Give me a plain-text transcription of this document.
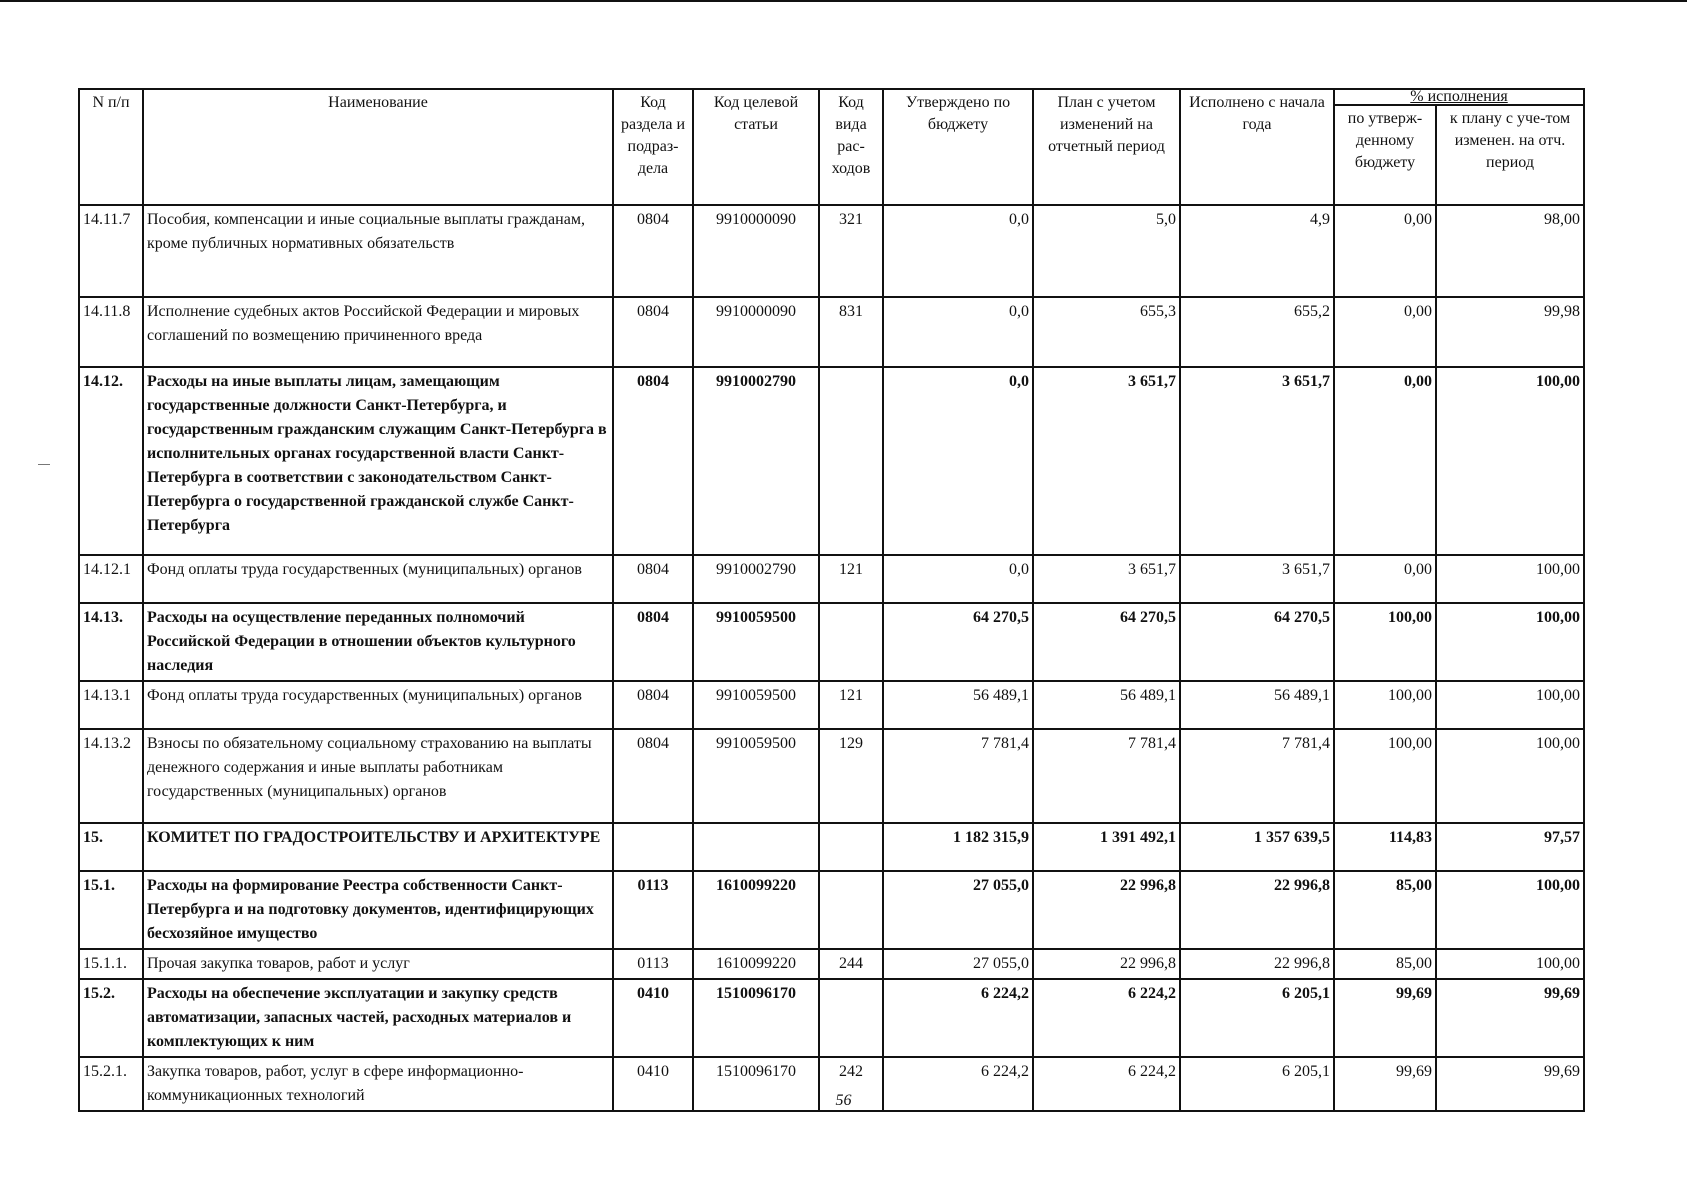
N п/п	Наименование	Код раздела и подраз-дела	Код целевой статьи	Код вида рас-ходов	Утверждено по бюджету	План с учетом изменений на отчетный период	Исполнено с начала года	% исполнения	
								по утверж-денному бюджету	к плану с уче-том изменен. на отч. период
14.11.7	Пособия, компенсации и иные социальные выплаты гражданам, кроме публичных нормативных обязательств	0804	9910000090	321	0,0	5,0	4,9	0,00	98,00
14.11.8	Исполнение судебных актов Российской Федерации и мировых соглашений по возмещению причиненного вреда	0804	9910000090	831	0,0	655,3	655,2	0,00	99,98
14.12.	Расходы на иные выплаты лицам, замещающим государственные должности Санкт-Петербурга, и государственным гражданским служащим Санкт-Петербурга в исполнительных органах государственной власти Санкт-Петербурга в соответствии с законодательством Санкт-Петербурга о государственной гражданской службе Санкт-Петербурга	0804	9910002790		0,0	3 651,7	3 651,7	0,00	100,00
14.12.1	Фонд оплаты труда государственных (муниципальных) органов	0804	9910002790	121	0,0	3 651,7	3 651,7	0,00	100,00
14.13.	Расходы на осуществление переданных полномочий Российской Федерации в отношении объектов культурного наследия	0804	9910059500		64 270,5	64 270,5	64 270,5	100,00	100,00
14.13.1	Фонд оплаты труда государственных (муниципальных) органов	0804	9910059500	121	56 489,1	56 489,1	56 489,1	100,00	100,00
14.13.2	Взносы по обязательному социальному страхованию на выплаты денежного содержания и иные выплаты работникам государственных (муниципальных) органов	0804	9910059500	129	7 781,4	7 781,4	7 781,4	100,00	100,00
15.	КОМИТЕТ ПО ГРАДОСТРОИТЕЛЬСТВУ И АРХИТЕКТУРЕ				1 182 315,9	1 391 492,1	1 357 639,5	114,83	97,57
15.1.	Расходы на формирование Реестра собственности Санкт-Петербурга и на подготовку документов, идентифицирующих бесхозяйное имущество	0113	1610099220		27 055,0	22 996,8	22 996,8	85,00	100,00
15.1.1.	Прочая закупка товаров, работ и услуг	0113	1610099220	244	27 055,0	22 996,8	22 996,8	85,00	100,00
15.2.	Расходы на обеспечение эксплуатации и закупку средств автоматизации, запасных частей, расходных материалов и комплектующих к ним	0410	1510096170		6 224,2	6 224,2	6 205,1	99,69	99,69
15.2.1.	Закупка товаров, работ, услуг в сфере информационно-коммуникационных технологий	0410	1510096170	242	6 224,2	6 224,2	6 205,1	99,69	99,69
56
